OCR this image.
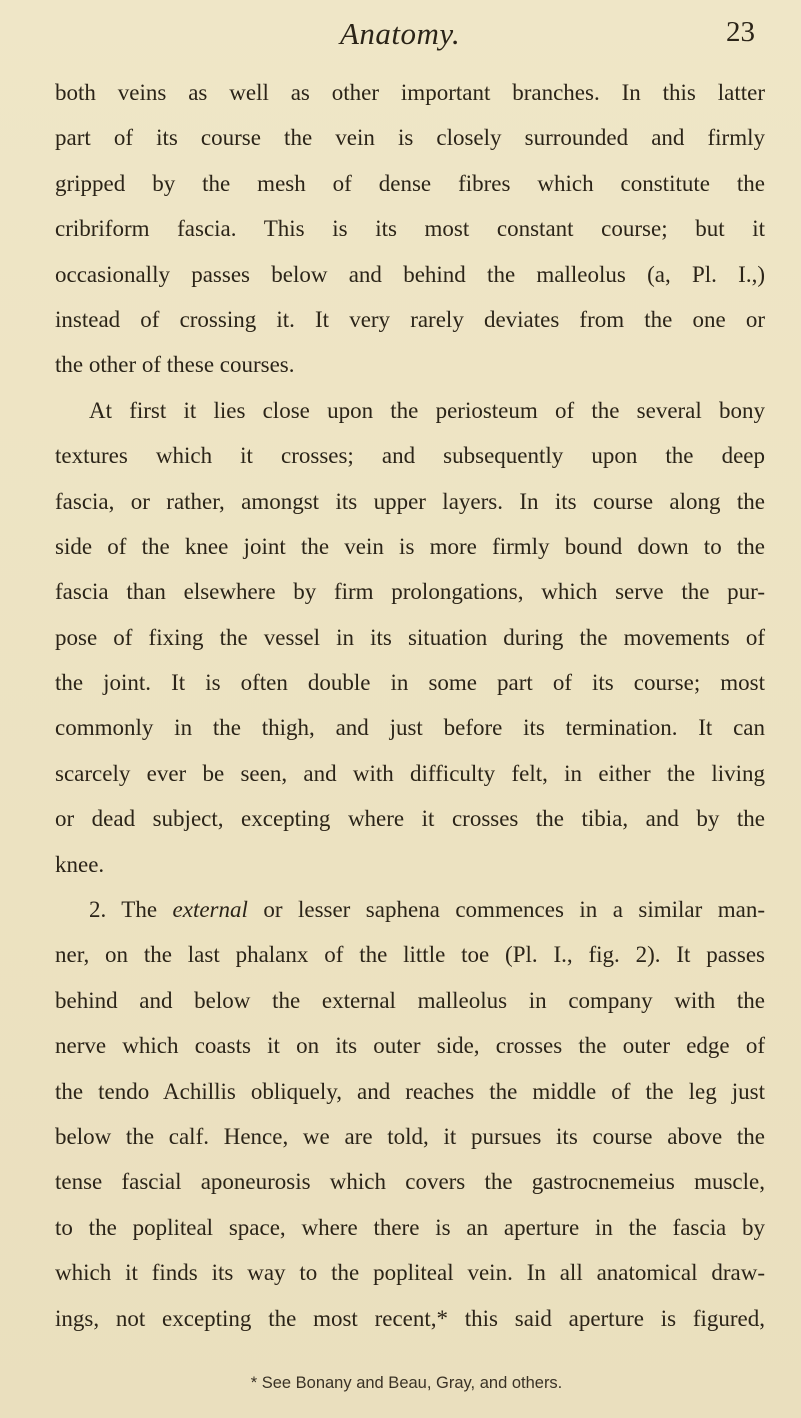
Anatomy.	23
both veins as well as other important branches. In this latter
part of its course the vein is closely surrounded and firmly
gripped by the mesh of dense fibres which constitute the
cribriform fascia. This is its most constant course; but it
occasionally passes below and behind the malleolus (a, Pl. I.,)
instead of crossing it. It very rarely deviates from the one or
the other of these courses.
At first it lies close upon the periosteum of the several bony
textures which it crosses; and subsequently upon the deep
fascia, or rather, amongst its upper layers. In its course along the
side of the knee joint the vein is more firmly bound down to the
fascia than elsewhere by firm prolongations, which serve the pur-
pose of fixing the vessel in its situation during the movements of
the joint. It is often double in some part of its course; most
commonly in the thigh, and just before its termination. It can
scarcely ever be seen, and with difficulty felt, in either the living
or dead subject, excepting where it crosses the tibia, and by the
knee.
2. The external or lesser saphena commences in a similar man-
ner, on the last phalanx of the little toe (Pl. I., fig. 2). It passes
behind and below the external malleolus in company with the
nerve which coasts it on its outer side, crosses the outer edge of
the tendo Achillis obliquely, and reaches the middle of the leg just
below the calf. Hence, we are told, it pursues its course above the
tense fascial aponeurosis which covers the gastrocnemeius muscle,
to the popliteal space, where there is an aperture in the fascia by
which it finds its way to the popliteal vein. In all anatomical draw-
ings, not excepting the most recent,* this said aperture is figured,
* See Bonany and Beau, Gray, and others.
